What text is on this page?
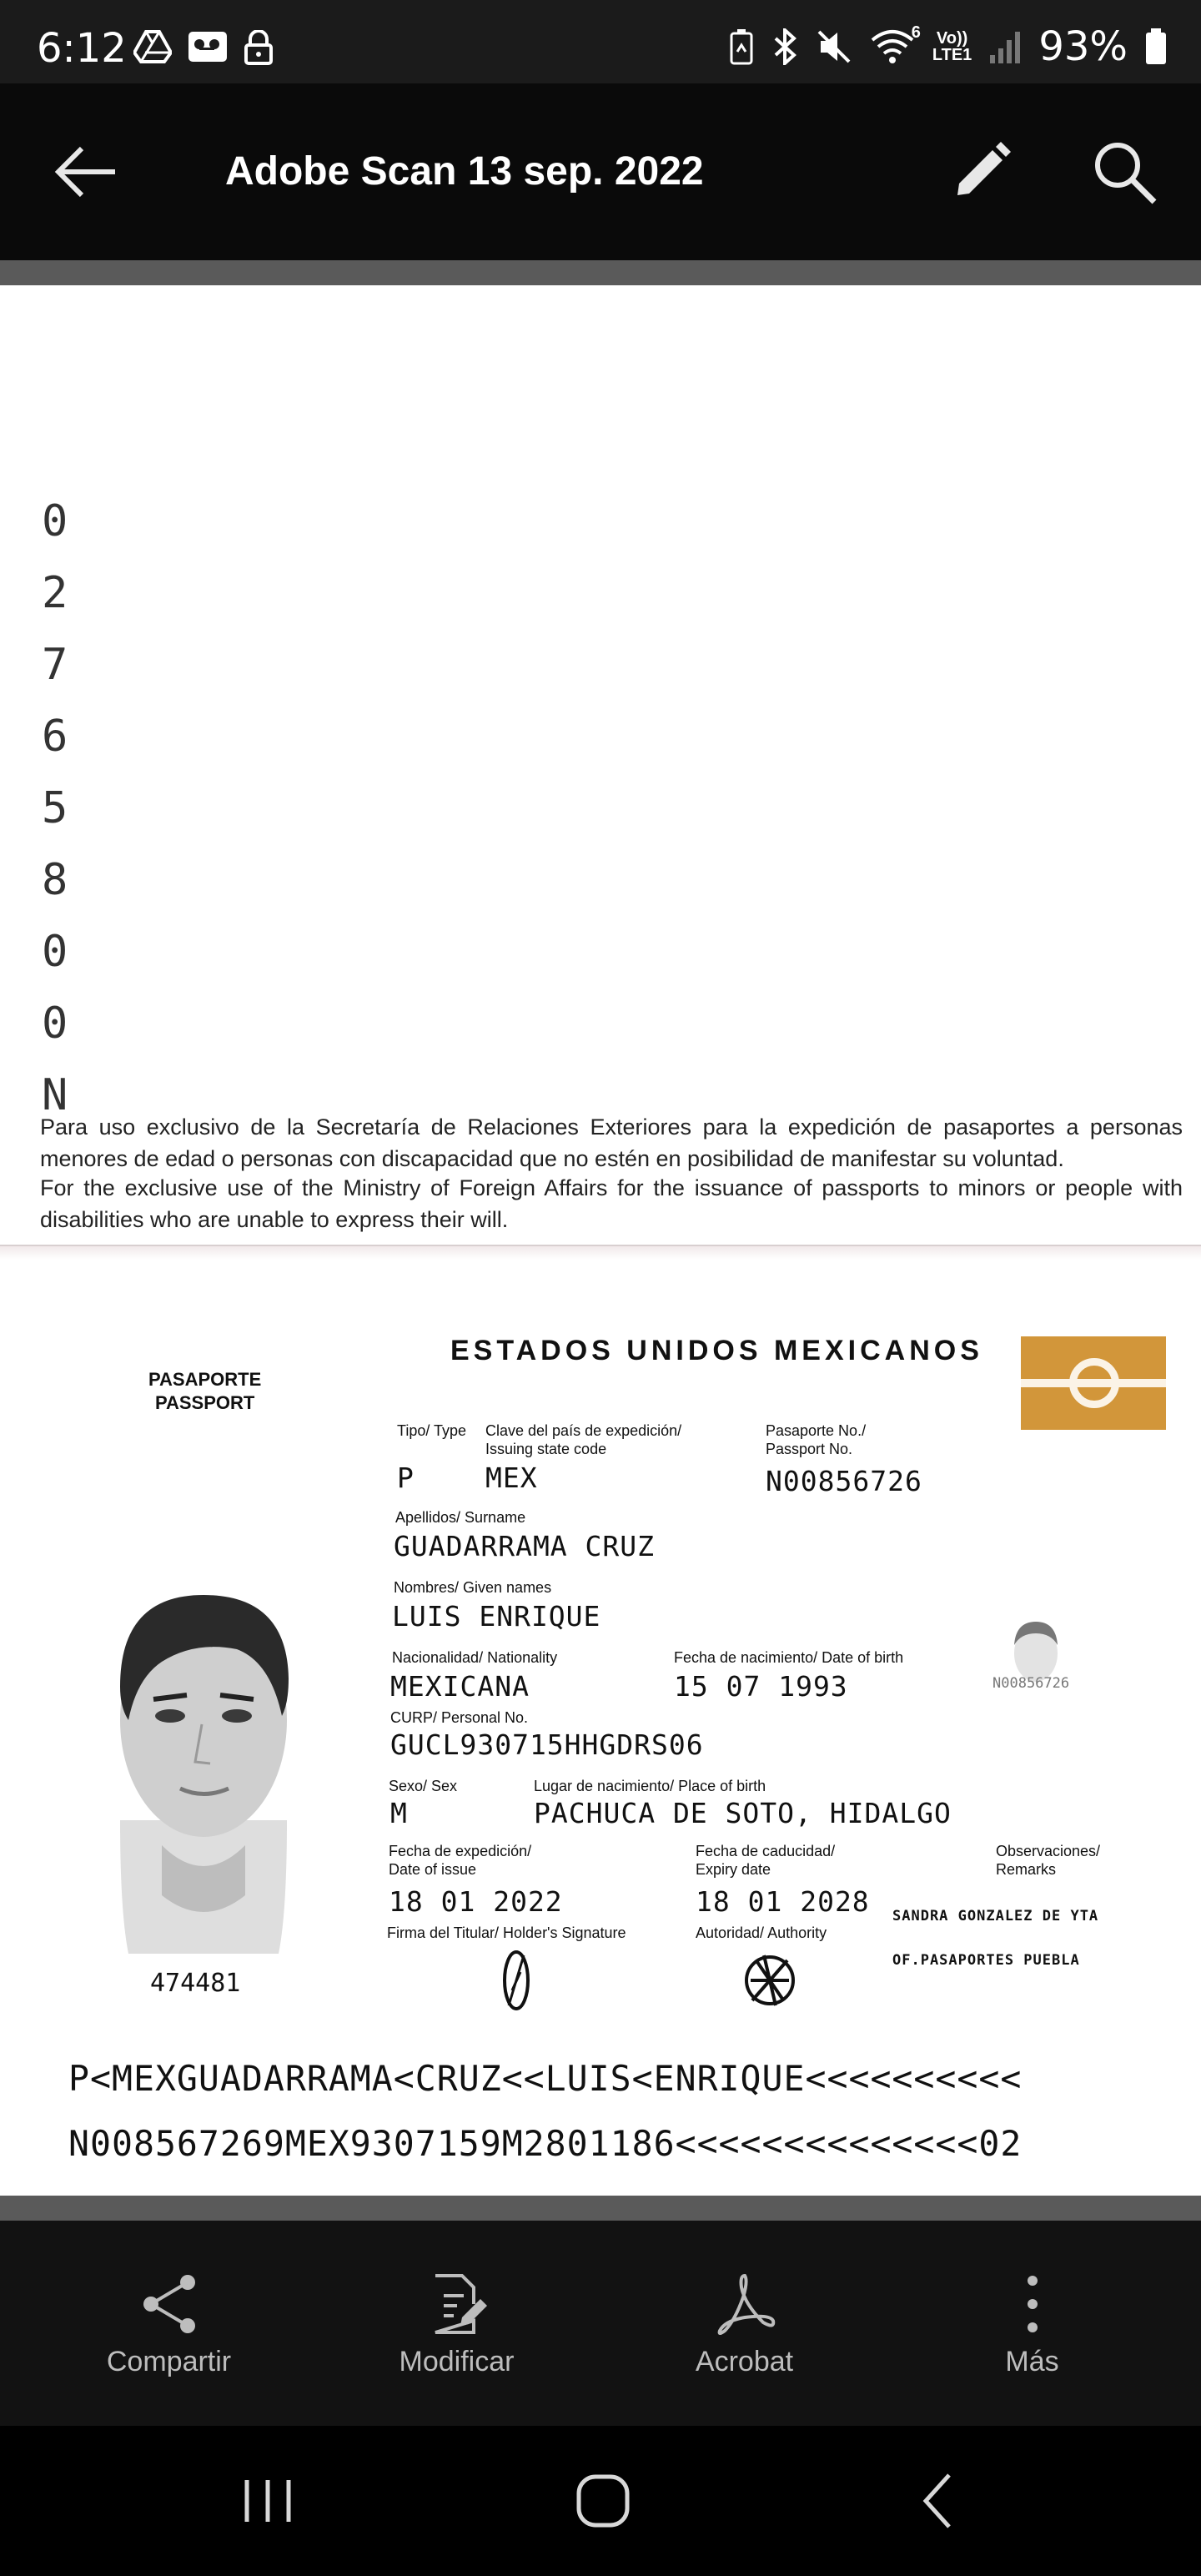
6:12	6 Vo))
LTE1 93%
Adobe Scan 13 sep. 2022
0
2
7
6
5
8
0
0
N

Para uso exclusivo de la Secretaría de Relaciones Exteriores para la expedición de pasaportes a personas menores de edad o personas con discapacidad que no estén en posibilidad de manifestar su voluntad.

For the exclusive use of the Ministry of Foreign Affairs for the issuance of passports to minors or people with disabilities who are unable to express their will.

PASAPORTE
PASSPORT
ESTADOS UNIDOS MEXICANOS
Tipo/ Type
P
Clave del país de expedición/ Issuing state code
MEX
Pasaporte No./ Passport No.
N00856726
Apellidos/ Surname
GUADARRAMA CRUZ
Nombres/ Given names
LUIS ENRIQUE
Nacionalidad/ Nationality
MEXICANA
Fecha de nacimiento/ Date of birth
15 07 1993
CURP/ Personal No.
GUCL930715HHGDRS06
Sexo/ Sex
M
Lugar de nacimiento/ Place of birth
PACHUCA DE SOTO, HIDALGO
Fecha de expedición/ Date of issue
18 01 2022
Fecha de caducidad/ Expiry date
18 01 2028
Observaciones/ Remarks
Firma del Titular/ Holder's Signature	Autoridad/ Authority
SANDRA GONZALEZ DE YTA
OF.PASAPORTES PUEBLA
N00856726
474481
P<MEXGUADARRAMA<CRUZ<<LUIS<ENRIQUE<<<<<<<<<<
N008567269MEX9307159M2801186<<<<<<<<<<<<<<02
Compartir	Modificar	Acrobat	Más
